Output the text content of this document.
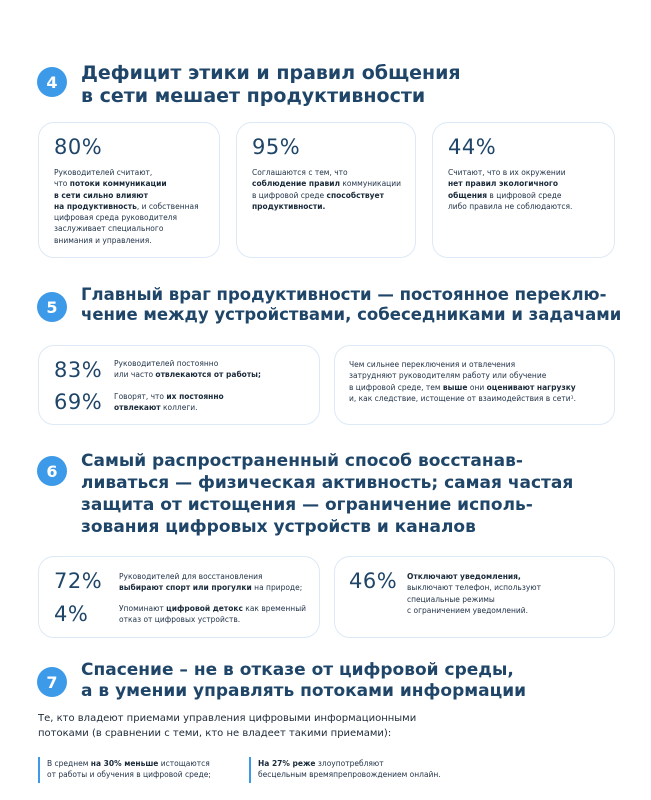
4 Дефицит этики и правил общения
в сети мешает продуктивности
80%
Руководителей считают,
что потоки коммуникации
в сети сильно влияют
на продуктивность, и собственная
цифровая среда руководителя
заслуживает специального
внимания и управления.
95%
Соглашаются с тем, что
соблюдение правил коммуникации
в цифровой среде способствует
продуктивности.
44%
Считают, что в их окружении
нет правил экологичного
общения в цифровой среде
либо правила не соблюдаются.
5
Главный враг продуктивности — постоянное переклю-
чение между устройствами, собеседниками и задачами
83% Руководителей постоянно
или часто отвлекаются от работы;
69% Говорят, что их постоянно
отвлекают коллеги.
Чем сильнее переключения и отвлечения
затрудняют руководителям работу или обучение
в цифровой среде, тем выше они оценивают нагрузку
и, как следствие, истощение от взаимодействия в сети¹.
6 Самый распространенный способ восстанав-
ливаться — физическая активность; самая частая
защита от истощения — ограничение исполь-
зования цифровых устройств и каналов
72% Руководителей для восстановления
выбирают спорт или прогулки на природе;
4%	Упоминают цифровой детокс как временный
отказ от цифровых устройств.
46% Отключают уведомления,
выключают телефон, используют
специальные режимы
с ограничением уведомлений.
7
Спасение – не в отказе от цифровой среды,
а в умении управлять потоками информации
Те, кто владеют приемами управления цифровыми информационными
потоками (в сравнении с теми, кто не владеет такими приемами):
В среднем на 30% меньше истощаются
от работы и обучения в цифровой среде;
На 27% реже злоупотребляют
бесцельным времяпрепровождением онлайн.
